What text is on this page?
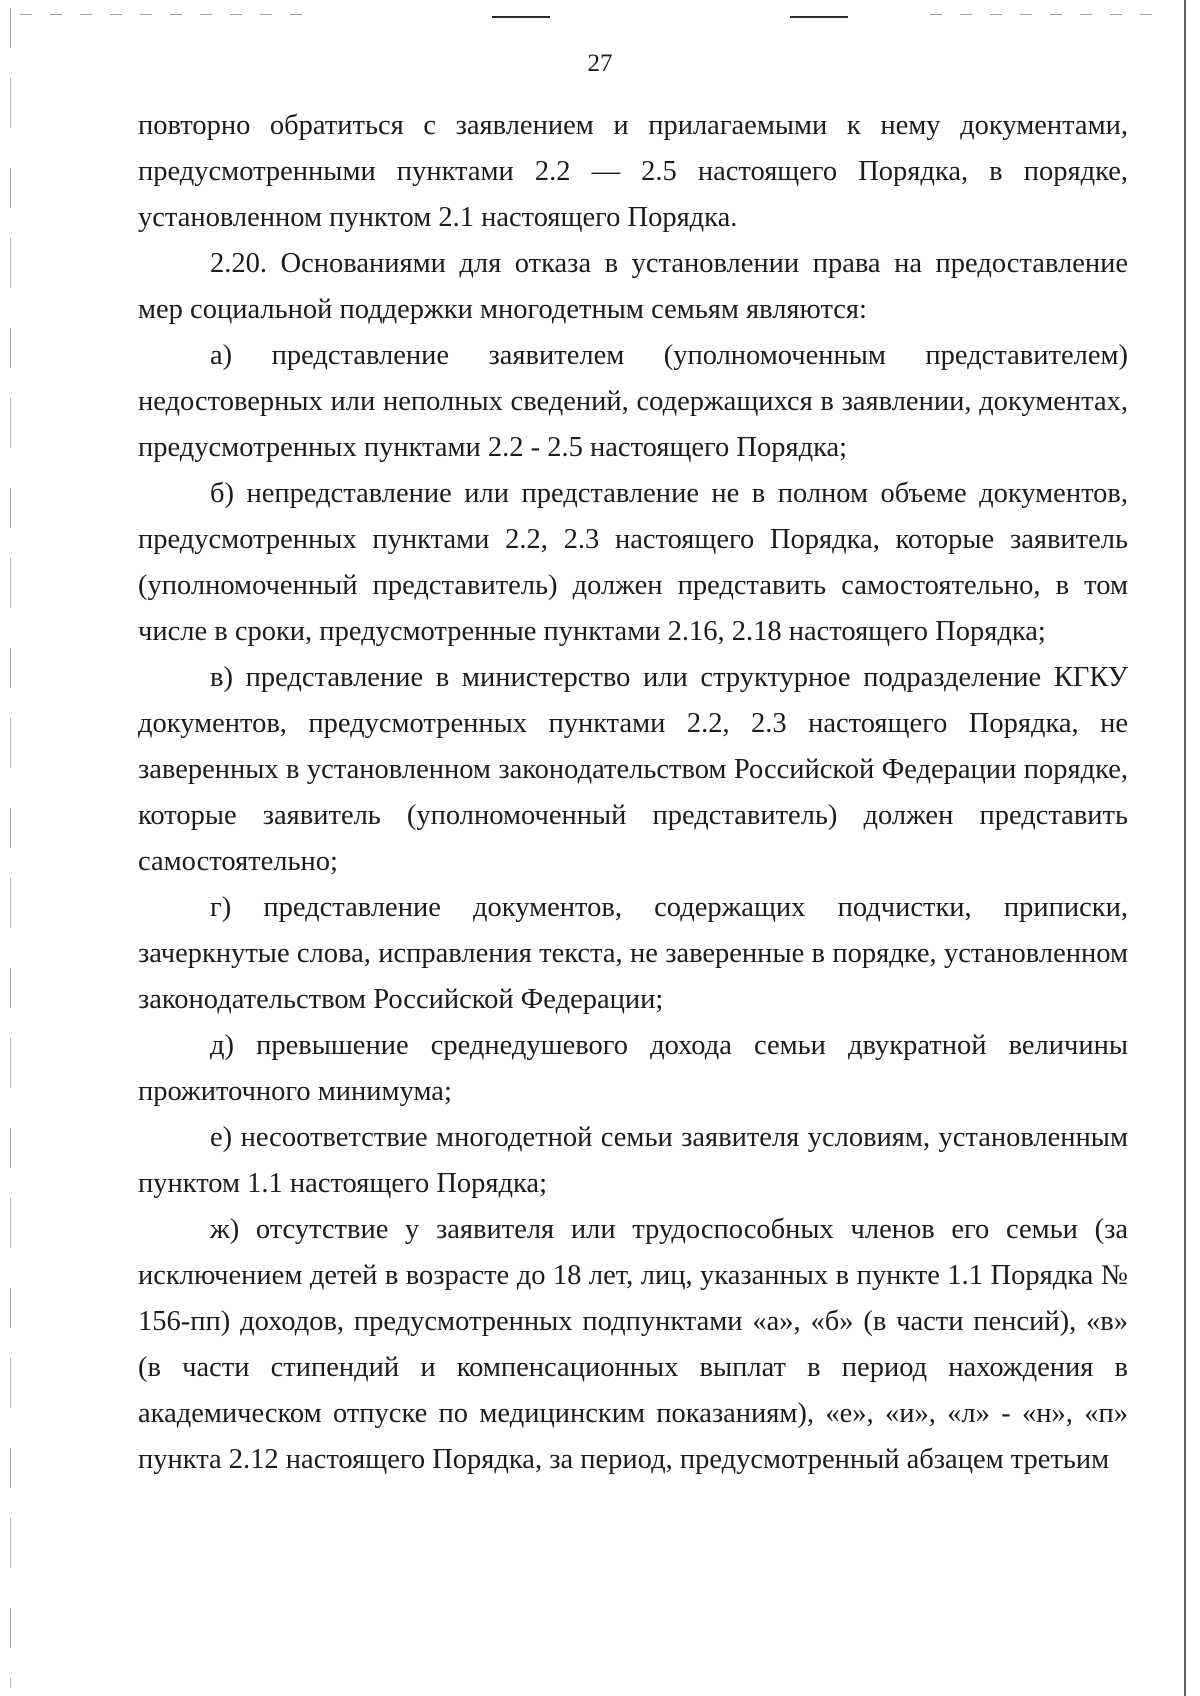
27

повторно обратиться с заявлением и прилагаемыми к нему документами, предусмотренными пунктами 2.2 — 2.5 настоящего Порядка, в порядке, установленном пунктом 2.1 настоящего Порядка.

2.20. Основаниями для отказа в установлении права на предоставление мер социальной поддержки многодетным семьям являются:

а) представление заявителем (уполномоченным представителем) недостоверных или неполных сведений, содержащихся в заявлении, документах, предусмотренных пунктами 2.2 - 2.5 настоящего Порядка;

б) непредставление или представление не в полном объеме документов, предусмотренных пунктами 2.2, 2.3 настоящего Порядка, которые заявитель (уполномоченный представитель) должен представить самостоятельно, в том числе в сроки, предусмотренные пунктами 2.16, 2.18 настоящего Порядка;

в) представление в министерство или структурное подразделение КГКУ документов, предусмотренных пунктами 2.2, 2.3 настоящего Порядка, не заверенных в установленном законодательством Российской Федерации порядке, которые заявитель (уполномоченный представитель) должен представить самостоятельно;

г) представление документов, содержащих подчистки, приписки, зачеркнутые слова, исправления текста, не заверенные в порядке, установленном законодательством Российской Федерации;

д) превышение среднедушевого дохода семьи двукратной величины прожиточного минимума;

е) несоответствие многодетной семьи заявителя условиям, установленным пунктом 1.1 настоящего Порядка;

ж) отсутствие у заявителя или трудоспособных членов его семьи (за исключением детей в возрасте до 18 лет, лиц, указанных в пункте 1.1 Порядка № 156-пп) доходов, предусмотренных подпунктами «а», «б» (в части пенсий), «в» (в части стипендий и компенсационных выплат в период нахождения в академическом отпуске по медицинским показаниям), «е», «и», «л» - «н», «п» пункта 2.12 настоящего Порядка, за период, предусмотренный абзацем третьим
